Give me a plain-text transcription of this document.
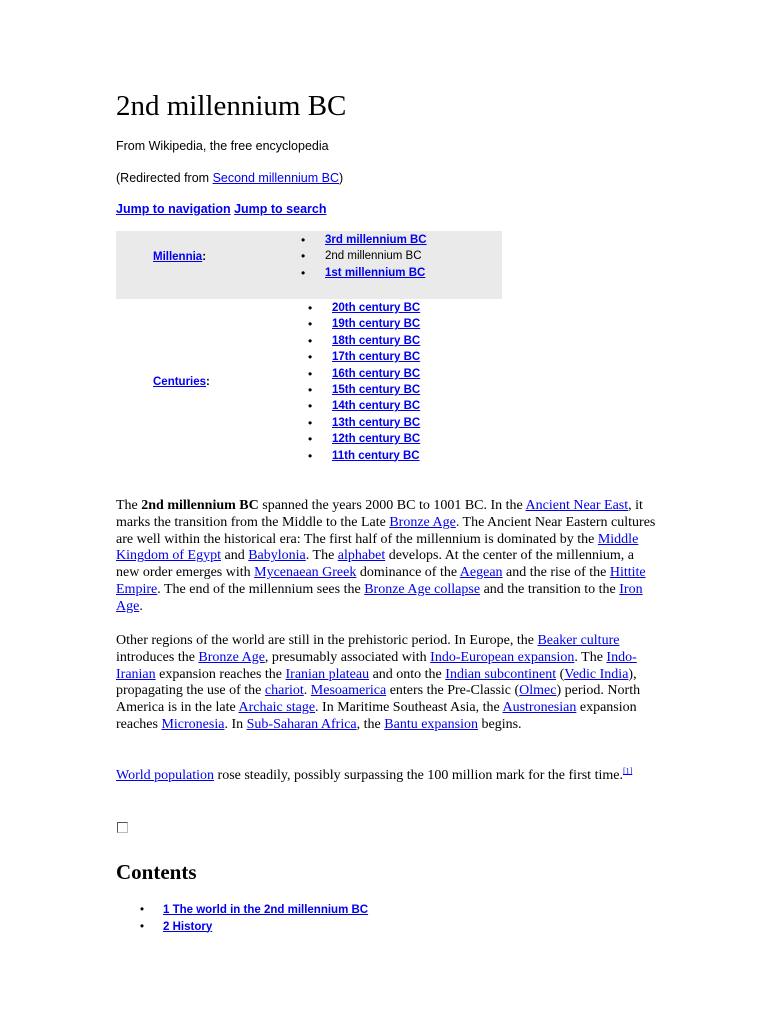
2nd millennium BC
From Wikipedia, the free encyclopedia
(Redirected from Second millennium BC)
Jump to navigation Jump to search
Millennia:
• 3rd millennium BC
• 2nd millennium BC
• 1st millennium BC
Centuries:
• 20th century BC
• 19th century BC
• 18th century BC
• 17th century BC
• 16th century BC
• 15th century BC
• 14th century BC
• 13th century BC
• 12th century BC
• 11th century BC

The 2nd millennium BC spanned the years 2000 BC to 1001 BC. In the Ancient Near East, it marks the transition from the Middle to the Late Bronze Age. The Ancient Near Eastern cultures are well within the historical era: The first half of the millennium is dominated by the Middle Kingdom of Egypt and Babylonia. The alphabet develops. At the center of the millennium, a new order emerges with Mycenaean Greek dominance of the Aegean and the rise of the Hittite Empire. The end of the millennium sees the Bronze Age collapse and the transition to the Iron Age.

Other regions of the world are still in the prehistoric period. In Europe, the Beaker culture introduces the Bronze Age, presumably associated with Indo-European expansion. The Indo-Iranian expansion reaches the Iranian plateau and onto the Indian subcontinent (Vedic India), propagating the use of the chariot. Mesoamerica enters the Pre-Classic (Olmec) period. North America is in the late Archaic stage. In Maritime Southeast Asia, the Austronesian expansion reaches Micronesia. In Sub-Saharan Africa, the Bantu expansion begins.

World population rose steadily, possibly surpassing the 100 million mark for the first time.[1]

Contents
• 1 The world in the 2nd millennium BC
• 2 History
